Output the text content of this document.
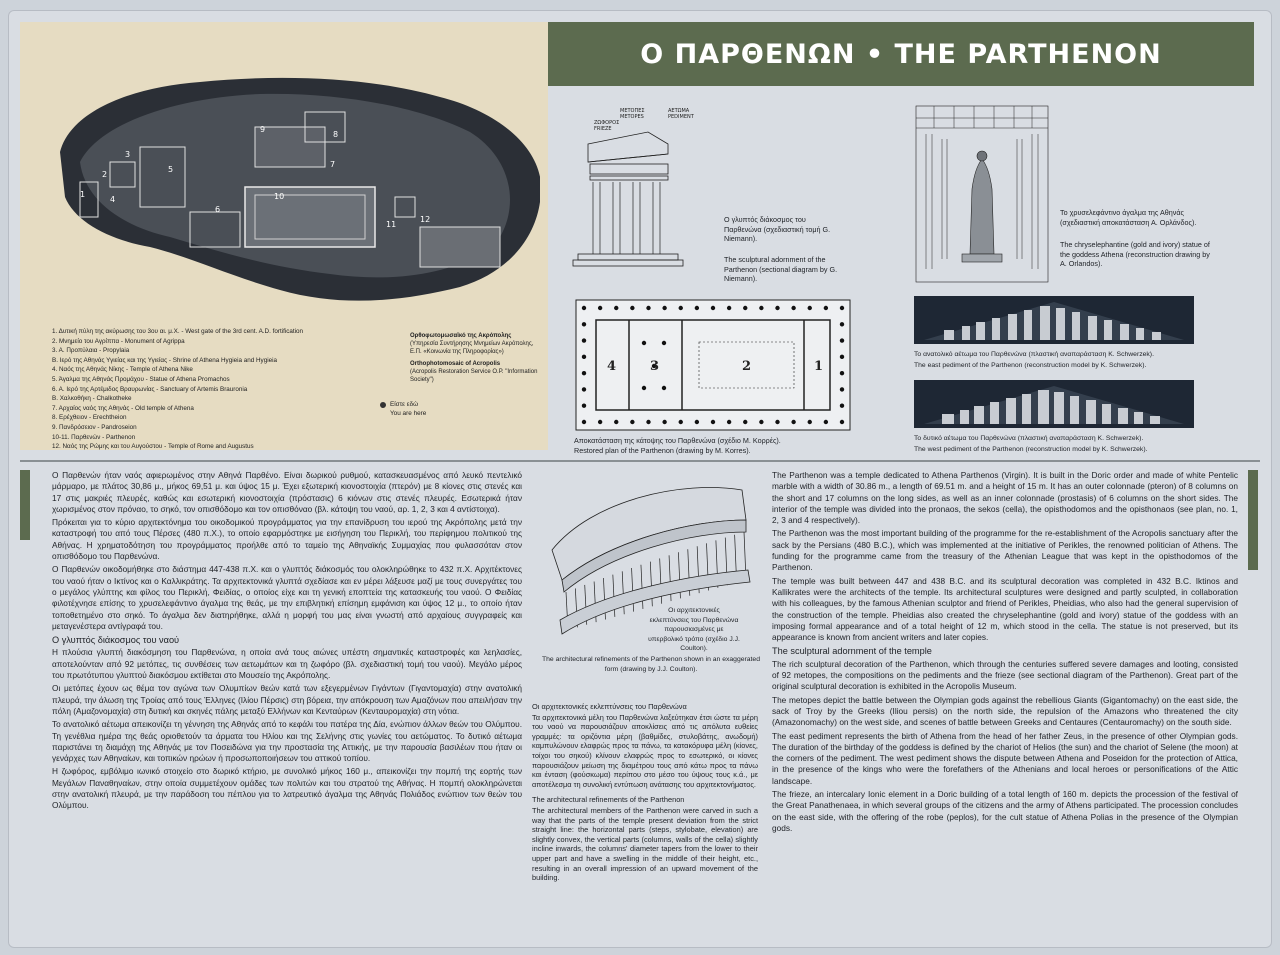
Ο ΠΑΡΘΕΝΩΝ • THE PARTHENON
1
2
3
4
5
6
7
8
9
10
11
12
1. Δυτική πύλη της ακύρωσης του 3ου αι. μ.Χ. - West gate of the 3rd cent. A.D. fortification
2. Μνημείο του Αγρίππα - Monument of Agrippa
3. Α. Προπύλαια - Propylaia
Β. Ιερό της Αθηνάς Υγιείας και της Υγιείας - Shrine of Athena Hygieia and Hygieia
4. Ναός της Αθηνάς Νίκης - Temple of Athena Nike
5. Άγαλμα της Αθηνάς Προμάχου - Statue of Athena Promachos
6. Α. Ιερό της Αρτέμιδος Βραυρωνίας - Sanctuary of Artemis Brauronia
Β. Χαλκοθήκη - Chalkotheke
7. Αρχαίος ναός της Αθηνάς - Old temple of Athena
8. Ερέχθειον - Erechtheion
9. Πανδρόσειον - Pandroseion
10-11. Παρθενών - Parthenon
12. Ναός της Ρώμης και του Αυγούστου - Temple of Rome and Augustus
Ορθοφωτομωσαϊκό της Ακρόπολης
(Υπηρεσία Συντήρησης Μνημείων Ακρόπολης, Ε.Π. «Κοινωνία της Πληροφορίας»)
Orthophotomosaic of Acropolis
(Acropolis Restoration Service O.P. "Information Society")
Είστε εδώ
You are here
ΜΕΤΟΠΕΣ
METOPES
ΑΕΤΩΜΑ
PEDIMENT
ΖΩΦΟΡΟΣ
FRIEZE
Ο γλυπτός διάκοσμος του Παρθενώνα (σχεδιαστική τομή G. Niemann).
The sculptural adornment of the Parthenon (sectional diagram by G. Niemann).
Το χρυσελεφάντινο άγαλμα της Αθηνάς (σχεδιαστική αποκατάσταση Α. Ορλάνδος).
The chryselephantine (gold and ivory) statue of the goddess Athena (reconstruction drawing by A. Orlandos).
4	3	2	1
Αποκατάσταση της κάτοψης του Παρθενώνα (σχέδιο Μ. Κορρές).
Restored plan of the Parthenon (drawing by M. Korres).
Το ανατολικό αέτωμα του Παρθενώνα (πλαστική αναπαράσταση K. Schwerzek).
The east pediment of the Parthenon (reconstruction model by K. Schwerzek).
Το δυτικό αέτωμα του Παρθενώνα (πλαστική αναπαράσταση K. Schwerzek).
The west pediment of the Parthenon (reconstruction model by K. Schwerzek).

Ο Παρθενών ήταν ναός αφιερωμένος στην Αθηνά Παρθένο. Είναι δωρικού ρυθμού, κατασκευασμένος από λευκό πεντελικό μάρμαρο, με πλάτος 30,86 μ., μήκος 69,51 μ. και ύψος 15 μ. Έχει εξωτερική κιονοστοιχία (πτερόν) με 8 κίονες στις στενές και 17 στις μακριές πλευρές, καθώς και εσωτερική κιονοστοιχία (πρόστασις) 6 κιόνων στις στενές πλευρές. Εσωτερικά ήταν χωρισμένος στον πρόναο, το σηκό, τον οπισθόδομο και τον οπισθόναο (βλ. κάτοψη του ναού, αρ. 1, 2, 3 και 4 αντίστοιχα).

Πρόκειται για το κύριο αρχιτεκτόνημα του οικοδομικού προγράμματος για την επανίδρυση του ιερού της Ακρόπολης μετά την καταστροφή του από τους Πέρσες (480 π.Χ.), το οποίο εφαρμόστηκε με εισήγηση του Περικλή, του περίφημου πολιτικού της Αθήνας. Η χρηματοδότηση του προγράμματος προήλθε από το ταμείο της Αθηναϊκής Συμμαχίας που φυλασσόταν στον οπισθόδομο του Παρθενώνα.

Ο Παρθενών οικοδομήθηκε στο διάστημα 447-438 π.Χ. και ο γλυπτός διάκοσμός του ολοκληρώθηκε το 432 π.Χ. Αρχιτέκτονες του ναού ήταν ο Ικτίνος και ο Καλλικράτης. Τα αρχιτεκτονικά γλυπτά σχεδίασε και εν μέρει λάξευσε μαζί με τους συνεργάτες του ο μεγάλος γλύπτης και φίλος του Περικλή, Φειδίας, ο οποίος είχε και τη γενική εποπτεία της κατασκευής του ναού. Ο Φειδίας φιλοτέχνησε επίσης το χρυσελεφάντινο άγαλμα της θεάς, με την επιβλητική επίσημη εμφάνιση και ύψος 12 μ., το οποίο ήταν τοποθετημένο στο σηκό. Το άγαλμα δεν διατηρήθηκε, αλλά η μορφή του μας είναι γνωστή από αρχαίους συγγραφείς και μεταγενέστερα αντίγραφά του.

Ο γλυπτός διάκοσμος του ναού

Η πλούσια γλυπτή διακόσμηση του Παρθενώνα, η οποία ανά τους αιώνες υπέστη σημαντικές καταστροφές και λεηλασίες, αποτελούνταν από 92 μετόπες, τις συνθέσεις των αετωμάτων και τη ζωφόρο (βλ. σχεδιαστική τομή του ναού). Μεγάλο μέρος του πρωτότυπου γλυπτού διακόσμου εκτίθεται στο Μουσείο της Ακρόπολης.

Οι μετόπες έχουν ως θέμα τον αγώνα των Ολυμπίων θεών κατά των εξεγερμένων Γιγάντων (Γιγαντομαχία) στην ανατολική πλευρά, την άλωση της Τροίας από τους Έλληνες (Ιλίου Πέρσις) στη βόρεια, την απόκρουση των Αμαζόνων που απειλήσαν την πόλη (Αμαζονομαχία) στη δυτική και σκηνές πάλης μεταξύ Ελλήνων και Κενταύρων (Κενταυρομαχία) στη νότια.

Το ανατολικό αέτωμα απεικονίζει τη γέννηση της Αθηνάς από το κεφάλι του πατέρα της Δία, ενώπιον άλλων θεών του Ολύμπου. Τη γενέθλια ημέρα της θεάς οριοθετούν τα άρματα του Ηλίου και της Σελήνης στις γωνίες του αετώματος. Το δυτικό αέτωμα παριστάνει τη διαμάχη της Αθηνάς με τον Ποσειδώνα για την προστασία της Αττικής, με την παρουσία βασιλέων που ήταν οι γενάρχες των Αθηναίων, και τοπικών ηρώων ή προσωποποιήσεων του αττικού τοπίου.

Η ζωφόρος, εμβόλιμο ιωνικό στοιχείο στο δωρικό κτήριο, με συνολικό μήκος 160 μ., απεικονίζει την πομπή της εορτής των Μεγάλων Παναθηναίων, στην οποία συμμετέχουν ομάδες των πολιτών και του στρατού της Αθήνας. Η πομπή ολοκληρώνεται στην ανατολική πλευρά, με την παράδοση του πέπλου για το λατρευτικό άγαλμα της Αθηνάς Πολιάδος ενώπιον των θεών του Ολύμπου.

Οι αρχιτεκτονικές εκλεπτύνσεις του Παρθενώνα παρουσιασμένες με υπερβολικό τρόπο (σχέδιο J.J. Coulton).
The architectural refinements of the Parthenon shown in an exaggerated form (drawing by J.J. Coulton).
Οι αρχιτεκτονικές εκλεπτύνσεις του Παρθενώνα

Τα αρχιτεκτονικά μέλη του Παρθενώνα λαξεύτηκαν έτσι ώστε τα μέρη του ναού να παρουσιάζουν αποκλίσεις από τις απόλυτα ευθείες γραμμές: τα οριζόντια μέρη (βαθμίδες, στυλοβάτης, ανωδομή) καμπυλώνουν ελαφρώς προς τα πάνω, τα κατακόρυφα μέλη (κίονες, τοίχοι του σηκού) κλίνουν ελαφρώς προς το εσωτερικό, οι κίονες παρουσιάζουν μείωση της διαμέτρου τους από κάτω προς τα πάνω και ένταση (φούσκωμα) περίπου στο μέσο του ύψους τους κ.ά., με αποτέλεσμα τη συνολική εντύπωση ανάτασης του αρχιτεκτονήματος.

The architectural refinements of the Parthenon

The architectural members of the Parthenon were carved in such a way that the parts of the temple present deviation from the strict straight line: the horizontal parts (steps, stylobate, elevation) are slightly convex, the vertical parts (columns, walls of the cella) slightly incline inwards, the columns' diameter tapers from the lower to their upper part and have a swelling in the middle of their height, etc., resulting in an overall impression of an upward movement of the building.

The Parthenon was a temple dedicated to Athena Parthenos (Virgin). It is built in the Doric order and made of white Pentelic marble with a width of 30.86 m., a length of 69.51 m. and a height of 15 m. It has an outer colonnade (pteron) of 8 columns on the short and 17 columns on the long sides, as well as an inner colonnade (prostasis) of 6 columns on the short sides. The interior of the temple was divided into the pronaos, the sekos (cella), the opisthodomos and the opisthonaos (see plan, no. 1, 2, 3 and 4 respectively).

The Parthenon was the most important building of the programme for the re-establishment of the Acropolis sanctuary after the sack by the Persians (480 B.C.), which was implemented at the initiative of Perikles, the renowned politician of Athens. The funding for the programme came from the treasury of the Athenian League that was kept in the opisthodomos of the Parthenon.

The temple was built between 447 and 438 B.C. and its sculptural decoration was completed in 432 B.C. Iktinos and Kallikrates were the architects of the temple. Its architectural sculptures were designed and partly sculpted, in collaboration with his colleagues, by the famous Athenian sculptor and friend of Perikles, Pheidias, who also had the general supervision of the construction of the temple. Pheidias also created the chryselephantine (gold and ivory) statue of the goddess with an imposing formal appearance and of a total height of 12 m, which stood in the cella. The statue is not preserved, but its appearance is known from ancient writers and later copies.

The sculptural adornment of the temple

The rich sculptural decoration of the Parthenon, which through the centuries suffered severe damages and looting, consisted of 92 metopes, the compositions on the pediments and the frieze (see sectional diagram of the Parthenon). Great part of the original sculptural decoration is exhibited in the Acropolis Museum.

The metopes depict the battle between the Olympian gods against the rebellious Giants (Gigantomachy) on the east side, the sack of Troy by the Greeks (Iliou persis) on the north side, the repulsion of the Amazons who threatened the city (Amazonomachy) on the west side, and scenes of battle between Greeks and Centaures (Centauromachy) on the south side.

The east pediment represents the birth of Athena from the head of her father Zeus, in the presence of other Olympian gods. The duration of the birthday of the goddess is defined by the chariot of Helios (the sun) and the chariot of Selene (the moon) at the corners of the pediment. The west pediment shows the dispute between Athena and Poseidon for the protection of Attica, in the presence of the kings who were the forefathers of the Athenians and local heroes or personifications of the Attic landscape.

The frieze, an intercalary Ionic element in a Doric building of a total length of 160 m. depicts the procession of the festival of the Great Panathenaea, in which several groups of the citizens and the army of Athens participated. The procession concludes on the east side, with the offering of the robe (peplos), for the cult statue of Athena Polias in the presence of the Olympian gods.
